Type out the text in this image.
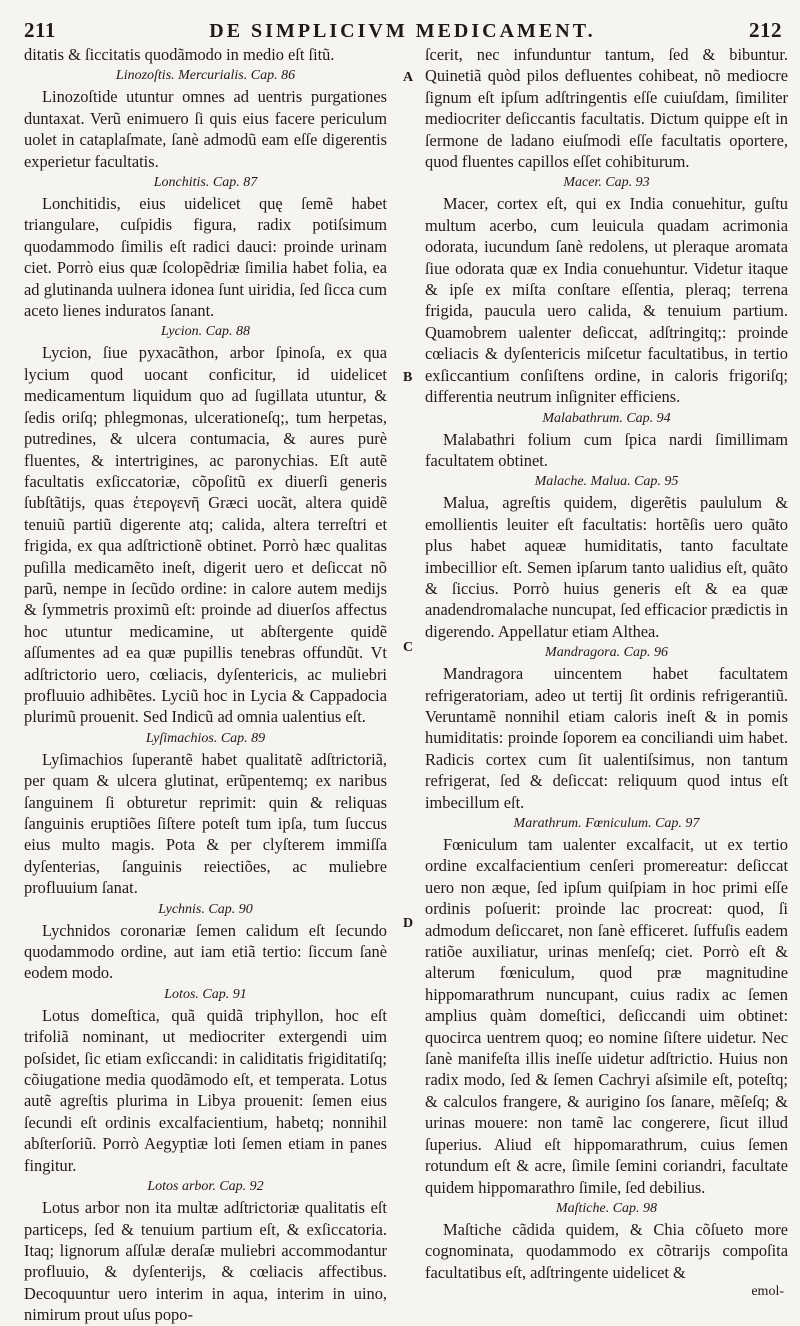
211	DE SIMPLICIVM MEDICAMENT.	212

ditatis & ſiccitatis quodãmodo in medio eſt ſitũ.

Linozoſtis. Mercurialis. Cap. 86

Linozoſtide utuntur omnes ad uentris purgationes duntaxat. Verũ enimuero ſi quis eius facere periculum uolet in cataplaſmate, ſanè admodũ eam eſſe digerentis experietur facultatis.

Lonchitis. Cap. 87

Lonchitidis, eius uidelicet quę ſemẽ habet triangulare, cuſpidis figura, radix potiſsimum quodammodo ſimilis eſt radici dauci: proinde urinam ciet. Porrò eius quæ ſcolopẽdriæ ſimilia habet folia, ea ad glutinanda uulnera idonea ſunt uiridia, ſed ſicca cum aceto lienes induratos ſanant.

Lycion. Cap. 88

Lycion, ſiue pyxacãthon, arbor ſpinoſa, ex qua lycium quod uocant conficitur, id uidelicet medicamentum liquidum quo ad ſugillata utuntur, & ſedis oriſq; phlegmonas, ulcerationeſq;, tum herpetas, putredines, & ulcera contumacia, & aures purè fluentes, & intertrigines, ac paronychias. Eſt autẽ facultatis exſiccatoriæ, cõpoſitũ ex diuerſi generis ſubſtãtijs, quas ἑτερογενῆ Græci uocãt, altera quidẽ tenuiũ partiũ digerente atq; calida, altera terreſtri et frigida, ex qua adſtrictionẽ obtinet. Porrò hæc qualitas puſilla medicamẽto ineſt, digerit uero et deſiccat nõ parũ, nempe in ſecũdo ordine: in calore autem medijs & ſymmetris proximũ eſt: proinde ad diuerſos affectus hoc utuntur medicamine, ut abſtergente quidẽ aſſumentes ad ea quæ pupillis tenebras offundũt. Vt adſtrictorio uero, cœliacis, dyſentericis, ac muliebri profluuio adhibẽtes. Lyciũ hoc in Lycia & Cappadocia plurimũ prouenit. Sed Indicũ ad omnia ualentius eſt.

Lyſimachios. Cap. 89

Lyſimachios ſuperantẽ habet qualitatẽ adſtrictoriã, per quam & ulcera glutinat, erũpentemq; ex naribus ſanguinem ſi obturetur reprimit: quin & reliquas ſanguinis eruptiões ſiſtere poteſt tum ipſa, tum ſuccus eius multo magis. Pota & per clyſterem immiſſa dyſenterias, ſanguinis reiectiões, ac muliebre profluuium ſanat.

Lychnis. Cap. 90

Lychnidos coronariæ ſemen calidum eſt ſecundo quodammodo ordine, aut iam etiã tertio: ſiccum ſanè eodem modo.

Lotos. Cap. 91

Lotus domeſtica, quã quidã triphyllon, hoc eſt trifoliã nominant, ut mediocriter extergendi uim poſsidet, ſic etiam exſiccandi: in caliditatis frigiditatiſq; cõiugatione media quodãmodo eſt, et temperata. Lotus autẽ agreſtis plurima in Libya prouenit: ſemen eius ſecundi eſt ordinis excalfacientium, habetq; nonnihil abſterſoriũ. Porrò Aegyptiæ loti ſemen etiam in panes fingitur.

Lotos arbor. Cap. 92

Lotus arbor non ita multæ adſtrictoriæ qualitatis eſt particeps, ſed & tenuium partium eſt, & exſiccatoria. Itaq; lignorum aſſulæ deraſæ muliebri accommodantur profluuio, & dyſenterijs, & cœliacis affectibus. Decoquuntur uero interim in aqua, interim in uino, nimirum prout uſus popo-

A
B
C
D

ſcerit, nec infunduntur tantum, ſed & bibuntur. Quinetiã quòd pilos defluentes cohibeat, nõ mediocre ſignum eſt ipſum adſtringentis eſſe cuiuſdam, ſimiliter mediocriter deſiccantis facultatis. Dictum quippe eſt in ſermone de ladano eiuſmodi eſſe facultatis oportere, quod fluentes capillos eſſet cohibiturum.

Macer. Cap. 93

Macer, cortex eſt, qui ex India conuehitur, guſtu multum acerbo, cum leuicula quadam acrimonia odorata, iucundum ſanè redolens, ut pleraque aromata ſiue odorata quæ ex India conuehuntur. Videtur itaque & ipſe ex miſta conſtare eſſentia, pleraq; terrena frigida, paucula uero calida, & tenuium partium. Quamobrem ualenter deſiccat, adſtringitq;: proinde cœliacis & dyſentericis miſcetur facultatibus, in tertio exſiccantium conſiſtens ordine, in caloris frigoriſq; differentia neutrum inſigniter efficiens.

Malabathrum. Cap. 94

Malabathri folium cum ſpica nardi ſimillimam facultatem obtinet.

Malache. Malua. Cap. 95

Malua, agreſtis quidem, digerẽtis paululum & emollientis leuiter eſt facultatis: hortẽſis uero quãto plus habet aqueæ humiditatis, tanto facultate imbecillior eſt. Semen ipſarum tanto ualidius eſt, quãto & ſiccius. Porrò huius generis eſt & ea quæ anadendromalache nuncupat, ſed efficacior prædictis in digerendo. Appellatur etiam Althea.

Mandragora. Cap. 96

Mandragora uincentem habet facultatem refrigeratoriam, adeo ut tertij ſit ordinis refrigerantiũ. Veruntamẽ nonnihil etiam caloris ineſt & in pomis humiditatis: proinde ſoporem ea conciliandi uim habet. Radicis cortex cum ſit ualentiſsimus, non tantum refrigerat, ſed & deſiccat: reliquum quod intus eſt imbecillum eſt.

Marathrum. Fœniculum. Cap. 97

Fœniculum tam ualenter excalfacit, ut ex tertio ordine excalfacientium cenſeri promereatur: deſiccat uero non æque, ſed ipſum quiſpiam in hoc primi eſſe ordinis poſuerit: proinde lac procreat: quod, ſi admodum deſiccaret, non ſanè efficeret. ſuffuſis eadem ratiõe auxiliatur, urinas menſeſq; ciet. Porrò eſt & alterum fœniculum, quod præ magnitudine hippomarathrum nuncupant, cuius radix ac ſemen amplius quàm domeſtici, deſiccandi uim obtinet: quocirca uentrem quoq; eo nomine ſiſtere uidetur. Nec ſanè manifeſta illis ineſſe uidetur adſtrictio. Huius non radix modo, ſed & ſemen Cachryi aſsimile eſt, poteſtq; & calculos frangere, & aurigino ſos ſanare, mẽſeſq; & urinas mouere: non tamẽ lac congerere, ſicut illud ſuperius. Aliud eſt hippomarathrum, cuius ſemen rotundum eſt & acre, ſimile ſemini coriandri, facultate quidem hippomarathro ſimile, ſed debilius.

Maſtiche. Cap. 98

Maſtiche cãdida quidem, & Chia cõſueto more cognominata, quodammodo ex cõtrarijs compoſita facultatibus eſt, adſtringente uidelicet &

emol-
